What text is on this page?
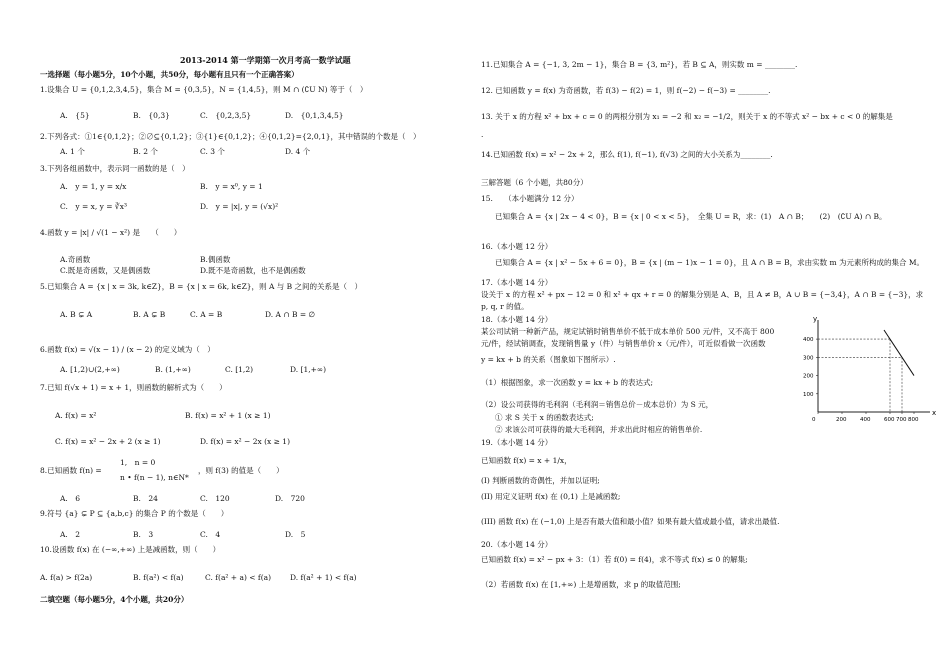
2013-2014 第一学期第一次月考高一数学试题
一选择题（每小题5分，10个小题，共50分，每小题有且只有一个正确答案）
1.设集合 U = {0,1,2,3,4,5}，集合 M = {0,3,5}，N = {1,4,5}，则 M ∩ (∁U N) 等于（　）
A.　{5}	B.　{0,3}	C.　{0,2,3,5}	D.　{0,1,3,4,5}
2.下列各式：①1∈{0,1,2}；②∅⊆{0,1,2}；③{1}∈{0,1,2}；④{0,1,2}={2,0,1}，其中错误的个数是（　）
A. 1 个	B. 2 个	C. 3 个	D. 4 个
3.下列各组函数中，表示同一函数的是（　）
A.　y = 1, y = x/x	B.　y = x⁰, y = 1
C.　y = x, y = ∛x³	D.　y = |x|, y = (√x)²
4.函数 y = |x| / √(1 − x²) 是　　（　　）
A.奇函数	B.偶函数
C.既是奇函数，又是偶函数	D.既不是奇函数，也不是偶函数
5.已知集合 A = {x | x = 3k, k∈Z}，B = {x | x = 6k, k∈Z}，则 A 与 B 之间的关系是（　）
A. B ⊊ A	B. A ⊊ B	C. A = B	D. A ∩ B = ∅
6.函数 f(x) = √(x − 1) / (x − 2) 的定义域为（　）
A. [1,2)∪(2,+∞)	B. (1,+∞)	C. [1,2)	D. [1,+∞)
7.已知 f(√x + 1) = x + 1，则函数的解析式为（　　）
A. f(x) = x²	B. f(x) = x² + 1 (x ≥ 1)
C. f(x) = x² − 2x + 2 (x ≥ 1)	D. f(x) = x² − 2x (x ≥ 1)
8.已知函数 f(n) =
1,　n = 0
n • f(n − 1), n∈N*
，则 f(3) 的值是（　　）
A.　6	B.　24	C.　120	D.　720
9.符号 {a} ⊊ P ⊆ {a,b,c} 的集合 P 的个数是（　　）
A.　2	B.　3	C.　4	D.　5
10.设函数 f(x) 在 (−∞,+∞) 上是减函数，则（　　）
A. f(a) > f(2a)	B. f(a²) < f(a)	C. f(a² + a) < f(a)	D. f(a² + 1) < f(a)
二填空题（每小题5分，4个小题，共20分）
11.已知集合 A = {−1, 3, 2m − 1}，集合 B = {3, m²}，若 B ⊆ A，则实数 m = ________.
12. 已知函数 y = f(x) 为奇函数，若 f(3) − f(2) = 1，则 f(−2) − f(−3) = ________.
13. 关于 x 的方程 x² + bx + c = 0 的两根分别为 x₁ = −2 和 x₂ = −1/2，则关于 x 的不等式 x² − bx + c < 0 的解集是
.
14.已知函数 f(x) = x² − 2x + 2，那么 f(1), f(−1), f(√3) 之间的大小关系为________.
三解答题（6 个小题，共80分）
15.　　（本小题满分 12 分）
已知集合 A = {x | 2x − 4 < 0}，B = {x | 0 < x < 5}，　全集 U = R，求：(1)　A ∩ B；　　(2)　(∁U A) ∩ B。
16.（本小题 12 分）
已知集合 A = {x | x² − 5x + 6 = 0}，B = {x | (m − 1)x − 1 = 0}，且 A ∩ B = B，求由实数 m 为元素所构成的集合 M。
17.（本小题 14 分）
设关于 x 的方程 x² + px − 12 = 0 和 x² + qx + r = 0 的解集分别是 A、B，且 A ≠ B，A ∪ B = {−3,4}，A ∩ B = {−3}，求
p, q, r 的值。
18.（本小题 14 分）
某公司试销一种新产品，规定试销时销售单价不低于成本单价 500 元/件，又不高于 800
元/件，经试销调查，发现销售量 y（件）与销售单价 x（元/件），可近似看做一次函数
y = kx + b 的关系（图象如下图所示）.
（1）根据图象，求一次函数 y = kx + b 的表达式;
（2）设公司获得的毛利润（毛利润＝销售总价－成本总价）为 S 元，
① 求 S 关于 x 的函数表达式;
② 求该公司可获得的最大毛利润，并求出此时相应的销售单价.
19.（本小题 14 分）
已知函数 f(x) = x + 1/x，
(I) 判断函数的奇偶性，并加以证明;
(II) 用定义证明 f(x) 在 (0,1) 上是减函数;
(III) 函数 f(x) 在 (−1,0) 上是否有最大值和最小值？如果有最大值或最小值，请求出最值.
20.（本小题 14 分）
已知函数 f(x) = x² − px + 3：（1）若 f(0) = f(4)，求不等式 f(x) ≤ 0 的解集;
（2）若函数 f(x) 在 [1,+∞) 上是增函数，求 p 的取值范围;
x
y
0	200 400 600 700 800
100
200
300
400
